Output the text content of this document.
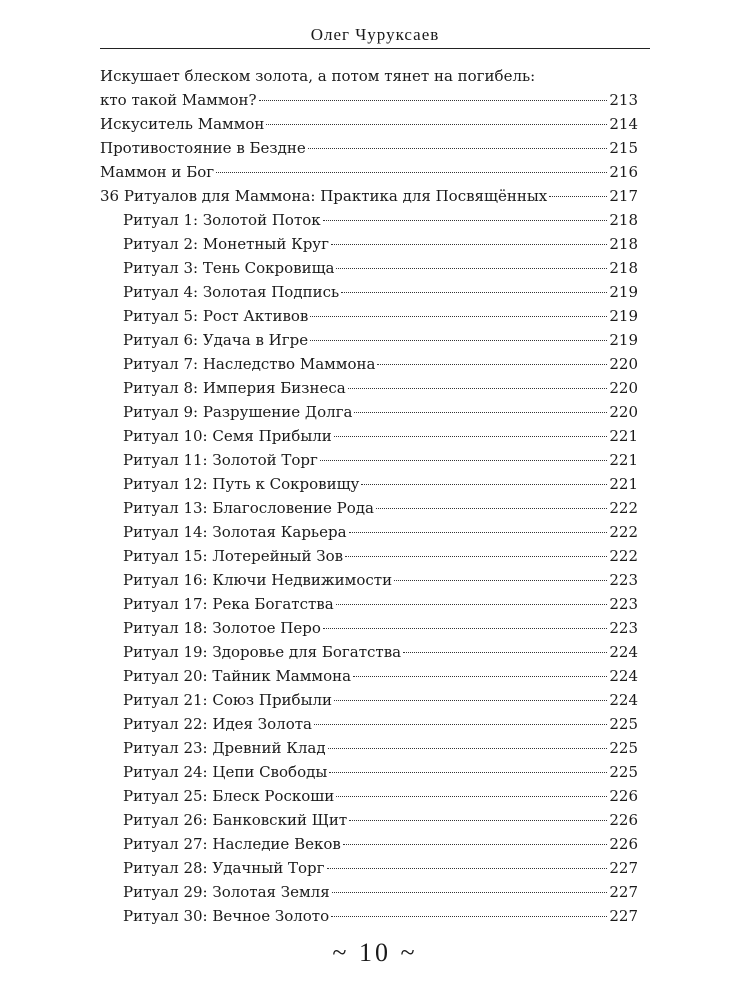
Олег Чуруксаев
Искушает блеском золота, а потом тянет на погибель:
кто такой Маммон?	213
Искуситель Маммон	214
Противостояние в Бездне	215
Маммон и Бог	216
36 Ритуалов для Маммона: Практика для Посвящённых	217
Ритуал 1: Золотой Поток	218
Ритуал 2: Монетный Круг	218
Ритуал 3: Тень Сокровища	218
Ритуал 4: Золотая Подпись	219
Ритуал 5: Рост Активов	219
Ритуал 6: Удача в Игре	219
Ритуал 7: Наследство Маммона	220
Ритуал 8: Империя Бизнеса	220
Ритуал 9: Разрушение Долга	220
Ритуал 10: Семя Прибыли	221
Ритуал 11: Золотой Торг	221
Ритуал 12: Путь к Сокровищу	221
Ритуал 13: Благословение Рода	222
Ритуал 14: Золотая Карьера	222
Ритуал 15: Лотерейный Зов	222
Ритуал 16: Ключи Недвижимости	223
Ритуал 17: Река Богатства	223
Ритуал 18: Золотое Перо	223
Ритуал 19: Здоровье для Богатства	224
Ритуал 20: Тайник Маммона	224
Ритуал 21: Союз Прибыли	224
Ритуал 22: Идея Золота	225
Ритуал 23: Древний Клад	225
Ритуал 24: Цепи Свободы	225
Ритуал 25: Блеск Роскоши	226
Ритуал 26: Банковский Щит	226
Ритуал 27: Наследие Веков	226
Ритуал 28: Удачный Торг	227
Ритуал 29: Золотая Земля	227
Ритуал 30: Вечное Золото	227
~ 10 ~
